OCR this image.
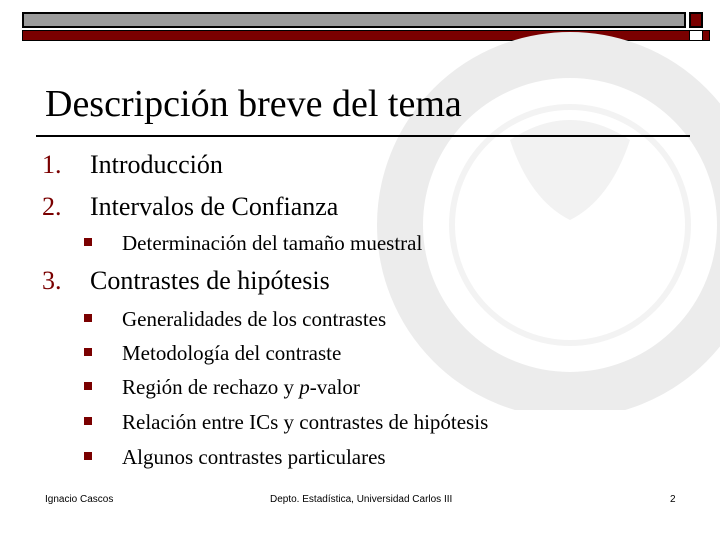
Descripción breve del tema
1. Introducción
2. Intervalos de Confianza
Determinación del tamaño muestral
3. Contrastes de hipótesis
Generalidades de los contrastes
Metodología del contraste
Región de rechazo y p-valor
Relación entre ICs y contrastes de hipótesis
Algunos contrastes particulares
Ignacio Cascos	Depto. Estadística, Universidad Carlos III	2
